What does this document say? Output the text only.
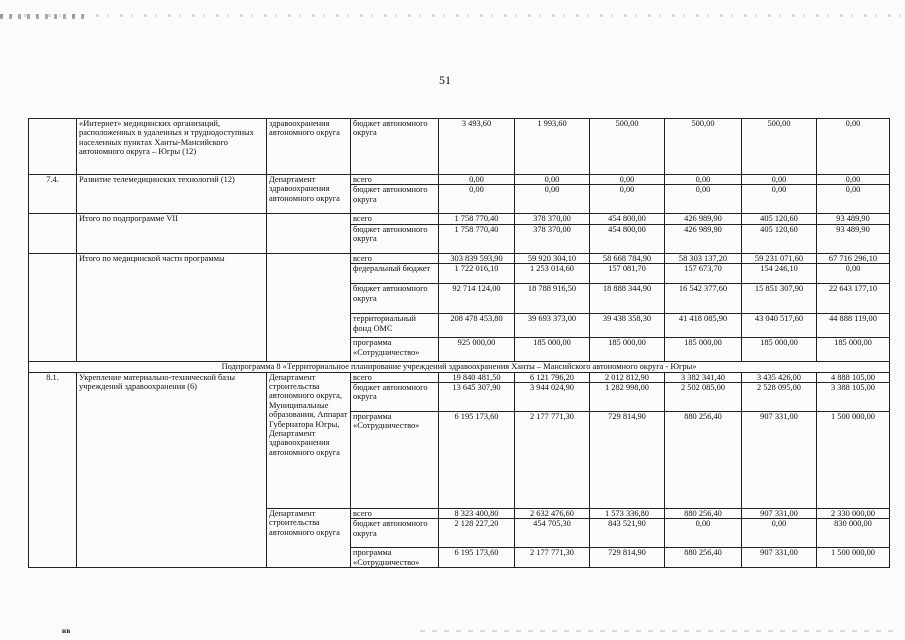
51
	«Интернет» медицинских организаций, расположенных в удаленных и труднодоступных населенных пунктах Ханты-Мансийского автономного округа – Югры (12)	здравоохранения автономного округа	бюджет автономного округа	3 493,60	1 993,60	500,00	500,00	500,00	0,00
7.4.	Развитие телемедицинских технологий (12)	Департамент здравоохранения автономного округа	всего	0,00	0,00	0,00	0,00	0,00	0,00
			бюджет автономного округа	0,00	0,00	0,00	0,00	0,00	0,00
	Итого по подпрограмме VII		всего	1 758 770,40	378 370,00	454 800,00	426 989,90	405 120,60	93 489,90
			бюджет автономного округа	1 758 770,40	378 370,00	454 800,00	426 989,90	405 120,60	93 489,90
	Итого по медицинской части программы		всего	303 839 593,90	59 920 304,10	58 668 784,90	58 303 137,20	59 231 071,60	67 716 296,10
			федеральный бюджет	1 722 016,10	1 253 014,60	157 081,70	157 673,70	154 246,10	0,00
			бюджет автономного округа	92 714 124,00	18 788 916,50	18 888 344,90	16 542 377,60	15 851 307,90	22 643 177,10
			территориальный фонд ОМС	208 478 453,80	39 693 373,00	39 438 358,30	41 418 085,90	43 040 517,60	44 888 119,00
			программа «Сотрудничество»	925 000,00	185 000,00	185 000,00	185 000,00	185 000,00	185 000,00
Подпрограмма 8 «Территориальное планирование учреждений здравоохранения Ханты – Мансийского автономного округа - Югры»									
8.1.	Укрепление материально-технической базы учреждений здравоохранения (6)	Департамент строительства автономного округа, Муниципальные образования, Аппарат Губернатора Югры, Департамент здравоохранения автономного округа	всего	19 840 481,50	6 121 796,20	2 012 812,90	3 382 341,40	3 435 426,00	4 888 105,00
			бюджет автономного округа	13 645 307,90	3 944 024,90	1 282 998,00	2 502 085,00	2 528 095,00	3 388 105,00
			программа «Сотрудничество»	6 195 173,60	2 177 771,30	729 814,90	880 256,40	907 331,00	1 500 000,00
		Департамент строительства автономного округа	всего	8 323 400,80	2 632 476,60	1 573 336,80	880 256,40	907 331,00	2 330 000,00
			бюджет автономного округа	2 128 227,20	454 705,30	843 521,90	0,00	0,00	830 000,00
			программа «Сотрудничество»	6 195 173,60	2 177 771,30	729 814,90	880 256,40	907 331,00	1 500 000,00
нв
